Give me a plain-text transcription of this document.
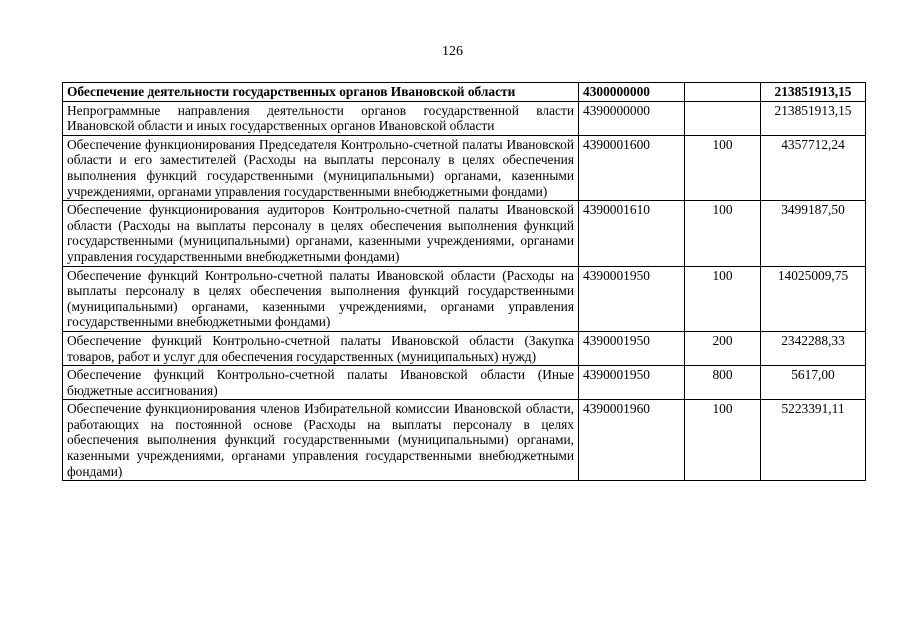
126
Обеспечение деятельности государственных органов Ивановской области	4300000000		213851913,15
Непрограммные направления деятельности органов государственной власти Ивановской области и иных государственных органов Ивановской области	4390000000		213851913,15
Обеспечение функционирования Председателя Контрольно-счетной палаты Ивановской области и его заместителей (Расходы на выплаты персоналу в целях обеспечения выполнения функций государственными (муниципальными) органами, казенными учреждениями, органами управления государственными внебюджетными фондами)	4390001600	100	4357712,24
Обеспечение функционирования аудиторов Контрольно-счетной палаты Ивановской области (Расходы на выплаты персоналу в целях обеспечения выполнения функций государственными (муниципальными) органами, казенными учреждениями, органами управления государственными внебюджетными фондами)	4390001610	100	3499187,50
Обеспечение функций Контрольно-счетной палаты Ивановской области (Расходы на выплаты персоналу в целях обеспечения выполнения функций государственными (муниципальными) органами, казенными учреждениями, органами управления государственными внебюджетными фондами)	4390001950	100	14025009,75
Обеспечение функций Контрольно-счетной палаты Ивановской области (Закупка товаров, работ и услуг для обеспечения государственных (муниципальных) нужд)	4390001950	200	2342288,33
Обеспечение функций Контрольно-счетной палаты Ивановской области (Иные бюджетные ассигнования)	4390001950	800	5617,00
Обеспечение функционирования членов Избирательной комиссии Ивановской области, работающих на постоянной основе (Расходы на выплаты персоналу в целях обеспечения выполнения функций государственными (муниципальными) органами, казенными учреждениями, органами управления государственными внебюджетными фондами)	4390001960	100	5223391,11
